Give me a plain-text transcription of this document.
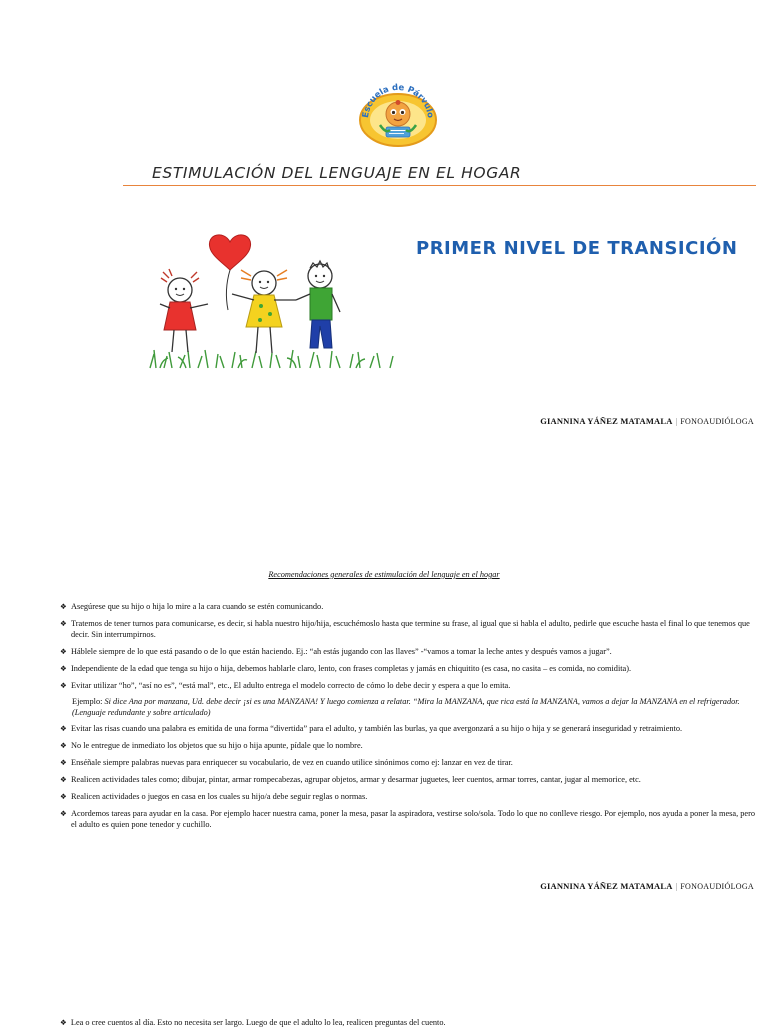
Escuela de Párvulo
ESTIMULACIÓN DEL LENGUAJE EN EL HOGAR
PRIMER NIVEL DE TRANSICIÓN
GIANNINA YÁÑEZ MATAMALA | FONOAUDIÓLOGA
Recomendaciones generales de estimulación del lenguaje en el hogar
❖ Asegúrese que su hijo o hija lo mire a la cara cuando se estén comunicando.
❖ Tratemos de tener turnos para comunicarse, es decir, si habla nuestro hijo/hija, escuchémoslo hasta que termine su frase, al igual que si habla el adulto, pedirle que escuche hasta el final lo que tenemos que decir. Sin interrumpirnos.
❖ Háblele siempre de lo que está pasando o de lo que están haciendo. Ej.: “ah estás jugando con las llaves” -“vamos a tomar la leche antes y después vamos a jugar”.
❖ Independiente de la edad que tenga su hijo o hija, debemos hablarle claro, lento, con frases completas y jamás en chiquitito (es casa, no casita – es comida, no comidita).
❖ Evitar utilizar “ho”, “así no es”, “está mal”, etc., El adulto entrega el modelo correcto de cómo lo debe decir y espera a que lo emita.
Ejemplo: Si dice Ana por manzana, Ud. debe decir ¡si es una MANZANA! Y luego comienza a relatar. “Mira la MANZANA, que rica está la MANZANA, vamos a dejar la MANZANA en el refrigerador. (Lenguaje redundante y sobre articulado)
❖ Evitar las risas cuando una palabra es emitida de una forma “divertida” para el adulto, y también las burlas, ya que avergonzará a su hijo o hija y se generará inseguridad y retraimiento.
❖ No le entregue de inmediato los objetos que su hijo o hija apunte, pídale que lo nombre.
❖ Enséñale siempre palabras nuevas para enriquecer su vocabulario, de vez en cuando utilice sinónimos como ej: lanzar en vez de tirar.
❖ Realicen actividades tales como; dibujar, pintar, armar rompecabezas, agrupar objetos, armar y desarmar juguetes, leer cuentos, armar torres, cantar, jugar al memorice, etc.
❖ Realicen actividades o juegos en casa en los cuales su hijo/a debe seguir reglas o normas.
❖ Acordemos tareas para ayudar en la casa. Por ejemplo hacer nuestra cama, poner la mesa, pasar la aspiradora, vestirse solo/sola. Todo lo que no conlleve riesgo. Por ejemplo, nos ayuda a poner la mesa, pero el adulto es quien pone tenedor y cuchillo.
GIANNINA YÁÑEZ MATAMALA | FONOAUDIÓLOGA
❖ Lea o cree cuentos al día. Esto no necesita ser largo. Luego de que el adulto lo lea, realicen preguntas del cuento.
